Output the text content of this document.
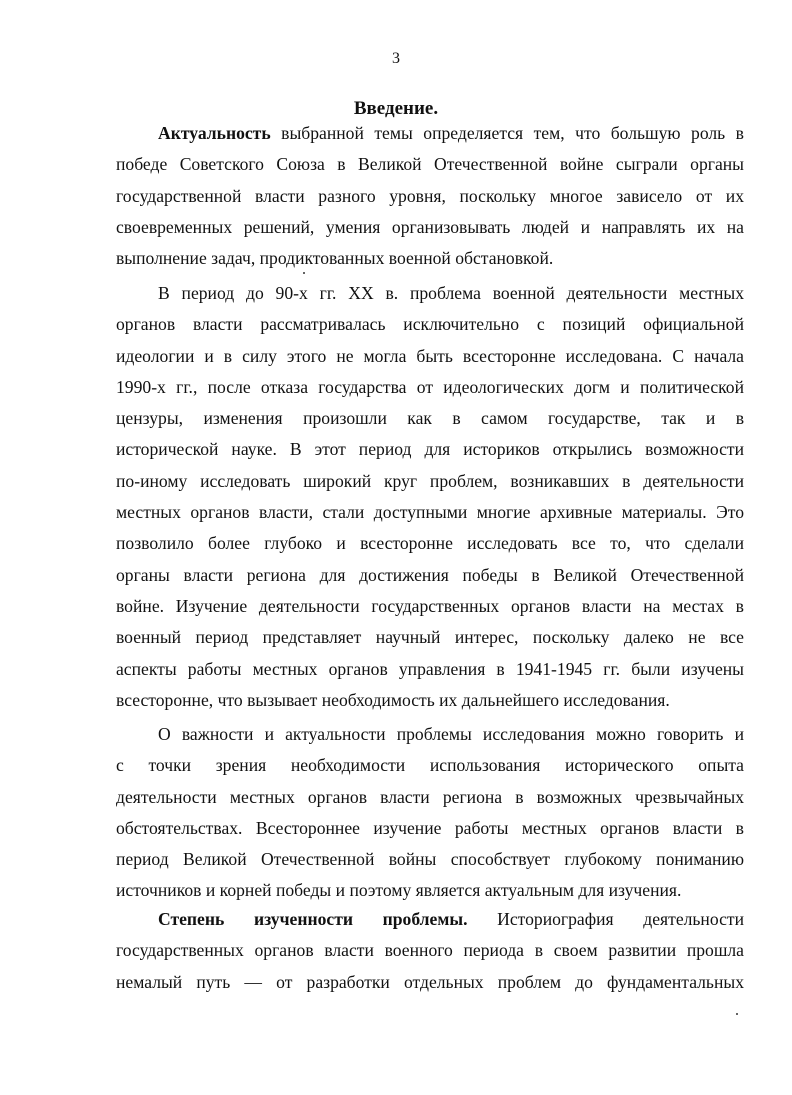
3
Введение.
Актуальность выбранной темы определяется тем, что большую роль в
победе Советского Союза в Великой Отечественной войне сыграли органы
государственной власти разного уровня, поскольку многое зависело от их
своевременных решений, умения организовывать людей и направлять их на
выполнение задач, продиктованных военной обстановкой.
В период до 90-х гг. XX в. проблема военной деятельности местных
органов власти рассматривалась исключительно с позиций официальной
идеологии и в силу этого не могла быть всесторонне исследована. С начала
1990-х гг., после отказа государства от идеологических догм и политической
цензуры, изменения произошли как в самом государстве, так и в
исторической науке. В этот период для историков открылись возможности
по-иному исследовать широкий круг проблем, возникавших в деятельности
местных органов власти, стали доступными многие архивные материалы. Это
позволило более глубоко и всесторонне исследовать все то, что сделали
органы власти региона для достижения победы в Великой Отечественной
войне. Изучение деятельности государственных органов власти на местах в
военный период представляет научный интерес, поскольку далеко не все
аспекты работы местных органов управления в 1941-1945 гг. были изучены
всесторонне, что вызывает необходимость их дальнейшего исследования.
О важности и актуальности проблемы исследования можно говорить и
с точки зрения необходимости использования исторического опыта
деятельности местных органов власти региона в возможных чрезвычайных
обстоятельствах. Всестороннее изучение работы местных органов власти в
период Великой Отечественной войны способствует глубокому пониманию
источников и корней победы и поэтому является актуальным для изучения.
Степень изученности проблемы. Историография деятельности
государственных органов власти военного периода в своем развитии прошла
немалый путь — от разработки отдельных проблем до фундаментальных
